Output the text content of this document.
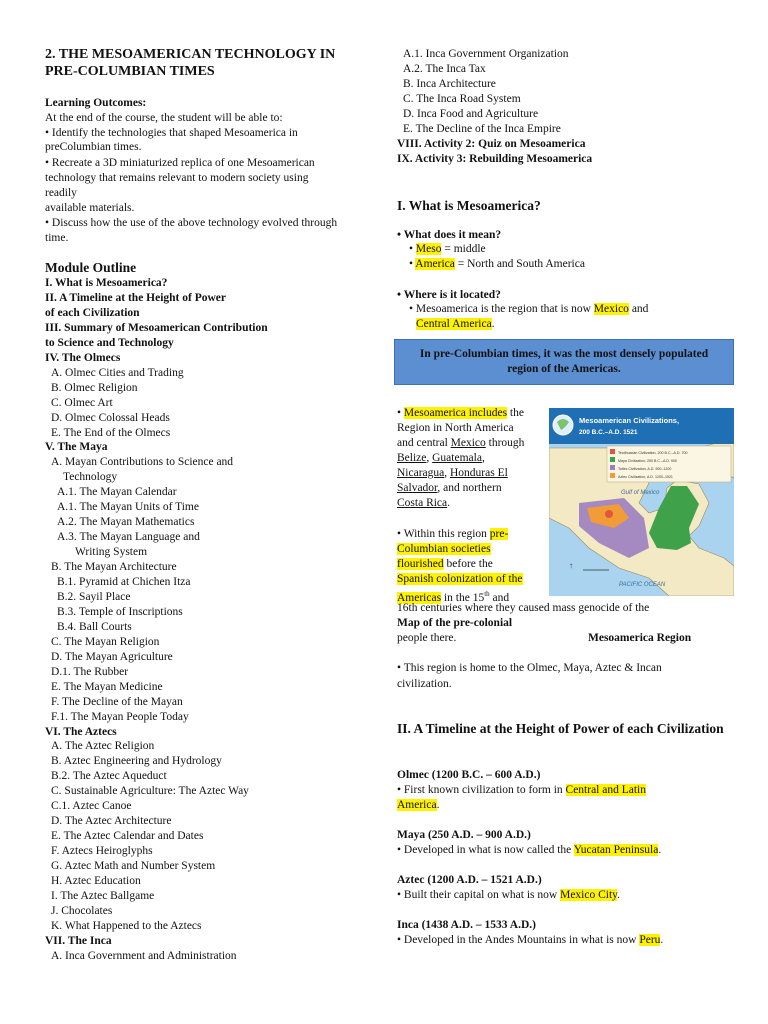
2. THE MESOAMERICAN TECHNOLOGY IN PRE-COLUMBIAN TIMES
Learning Outcomes:
At the end of the course, the student will be able to:
• Identify the technologies that shaped Mesoamerica in
preColumbian times.
• Recreate a 3D miniaturized replica of one Mesoamerican
technology that remains relevant to modern society using
readily
available materials.
• Discuss how the use of the above technology evolved through
time.
Module Outline
I. What is Mesoamerica?
II. A Timeline at the Height of Power
of each Civilization
III. Summary of Mesoamerican Contribution
to Science and Technology
IV. The Olmecs
A. Olmec Cities and Trading
B. Olmec Religion
C. Olmec Art
D. Olmec Colossal Heads
E. The End of the Olmecs
V. The Maya
A. Mayan Contributions to Science and
Technology
A.1. The Mayan Calendar
A.1. The Mayan Units of Time
A.2. The Mayan Mathematics
A.3. The Mayan Language and
Writing System
B. The Mayan Architecture
B.1. Pyramid at Chichen Itza
B.2. Sayil Place
B.3. Temple of Inscriptions
B.4. Ball Courts
C. The Mayan Religion
D. The Mayan Agriculture
D.1. The Rubber
E. The Mayan Medicine
F. The Decline of the Mayan
F.1. The Mayan People Today
VI. The Aztecs
A. The Aztec Religion
B. Aztec Engineering and Hydrology
B.2. The Aztec Aqueduct
C. Sustainable Agriculture: The Aztec Way
C.1. Aztec Canoe
D. The Aztec Architecture
E. The Aztec Calendar and Dates
F. Aztecs Heiroglyphs
G. Aztec Math and Number System
H. Aztec Education
I. The Aztec Ballgame
J. Chocolates
K. What Happened to the Aztecs
VII. The Inca
A. Inca Government and Administration
A.1. Inca Government Organization
A.2. The Inca Tax
B. Inca Architecture
C. The Inca Road System
D. Inca Food and Agriculture
E. The Decline of the Inca Empire
VIII. Activity 2: Quiz on Mesoamerica
IX. Activity 3: Rebuilding Mesoamerica
I. What is Mesoamerica?
• What does it mean?
• Meso = middle
• America = North and South America
• Where is it located?
• Mesoamerica is the region that is now Mexico and
Central America.
In pre-Columbian times, it was the most densely populated region of the Americas.
• Mesoamerica includes the
Region in North America
and central Mexico through
Belize, Guatemala,
Nicaragua, Honduras El
Salvador, and northern
Costa Rica.
• Within this region pre-
Columbian societies
flourished before the
Spanish colonization of the
Americas in the 15th and
16th centuries where they caused mass genocide of the
Map of the pre-colonial
people there.	Mesoamerica Region
• This region is home to the Olmec, Maya, Aztec & Incan
civilization.
Mesoamerican Civilizations,
200 B.C.–A.D. 1521
Teotihuacán Civilization, 200 B.C.–A.D. 700
Maya Civilization, 250 B.C.–A.D. 900
Toltec Civilization, A.D. 900–1200
Aztec Civilization, A.D. 1200–1521
Gulf of Mexico
PACIFIC OCEAN
↑
II. A Timeline at the Height of Power of each Civilization
Olmec (1200 B.C. – 600 A.D.)
• First known civilization to form in Central and Latin
America.
Maya (250 A.D. – 900 A.D.)
• Developed in what is now called the Yucatan Peninsula.
Aztec (1200 A.D. – 1521 A.D.)
• Built their capital on what is now Mexico City.
Inca (1438 A.D. – 1533 A.D.)
• Developed in the Andes Mountains in what is now Peru.
